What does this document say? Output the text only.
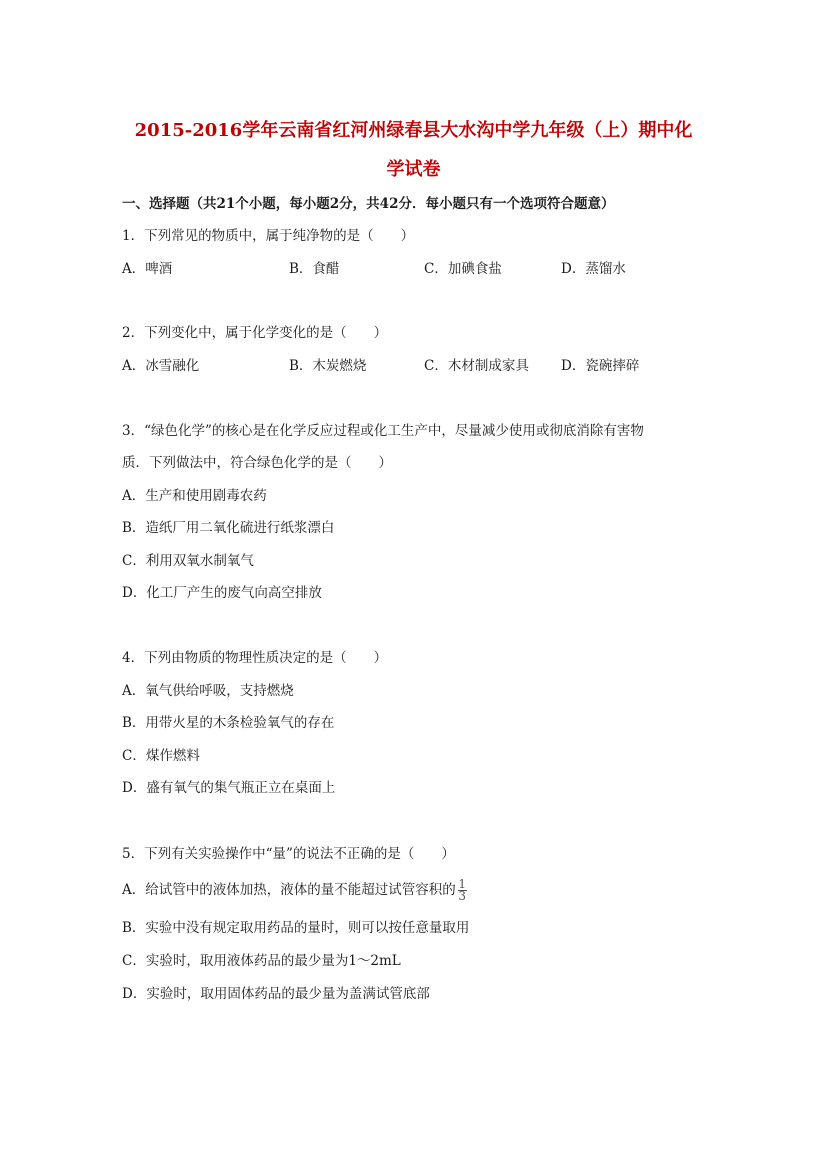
2015-2016学年云南省红河州绿春县大水沟中学九年级（上）期中化
学试卷
一、选择题（共21个小题，每小题2分，共42分．每小题只有一个选项符合题意）
1．下列常见的物质中，属于纯净物的是（　　）
A．啤酒	B．食醋	C．加碘食盐	D．蒸馏水
2．下列变化中，属于化学变化的是（　　）
A．冰雪融化	B．木炭燃烧	C．木材制成家具 D．瓷碗摔碎
3．“绿色化学”的核心是在化学反应过程或化工生产中，尽量减少使用或彻底消除有害物
质．下列做法中，符合绿色化学的是（　　）
A．生产和使用剧毒农药
B．造纸厂用二氧化硫进行纸浆漂白
C．利用双氧水制氧气
D．化工厂产生的废气向高空排放
4．下列由物质的物理性质决定的是（　　）
A．氧气供给呼吸，支持燃烧
B．用带火星的木条检验氧气的存在
C．煤作燃料
D．盛有氧气的集气瓶正立在桌面上
5．下列有关实验操作中“量”的说法不正确的是（　　）
A．给试管中的液体加热，液体的量不能超过试管容积的 $\frac{1}{3}$
B．实验中没有规定取用药品的量时，则可以按任意量取用
C．实验时，取用液体药品的最少量为1～2mL
D．实验时，取用固体药品的最少量为盖满试管底部
